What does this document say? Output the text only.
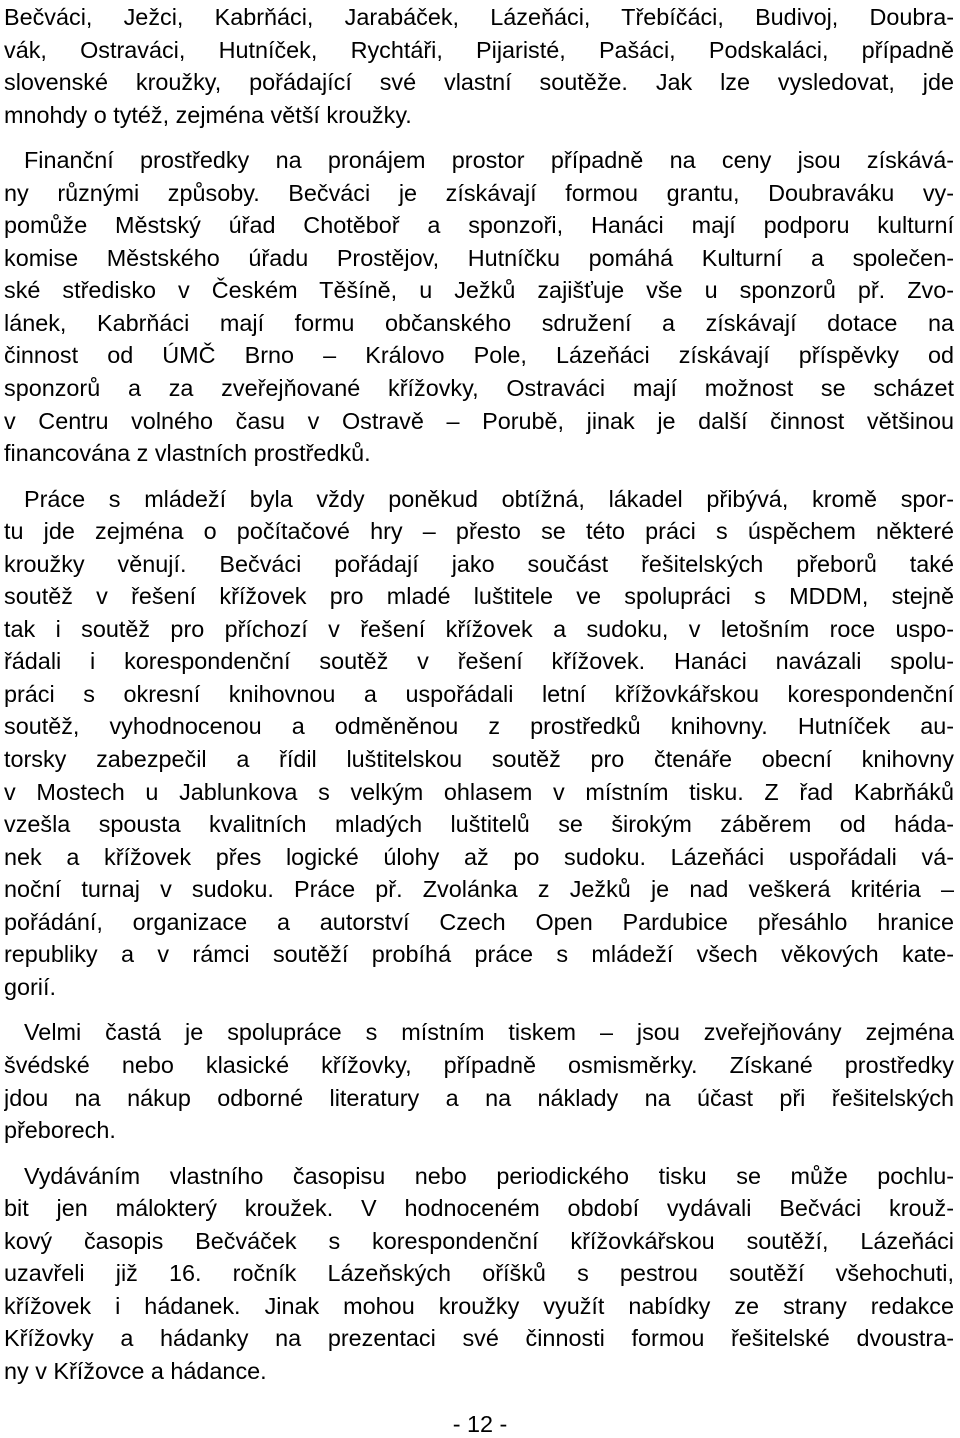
Bečváci, Ježci, Kabrňáci, Jarabáček, Lázeňáci, Třebíčáci, Budivoj, Doubra-
vák, Ostraváci, Hutníček, Rychtáři, Pijaristé, Pašáci, Podskaláci, případně
slovenské kroužky, pořádající své vlastní soutěže. Jak lze vysledovat, jde
mnohdy o tytéž, zejména větší kroužky.

Finanční prostředky na pronájem prostor případně na ceny jsou získává-
ny různými způsoby. Bečváci je získávají formou grantu, Doubraváku vy-
pomůže Městský úřad Chotěboř a sponzoři, Hanáci mají podporu kulturní
komise Městského úřadu Prostějov, Hutníčku pomáhá Kulturní a společen-
ské středisko v Českém Těšíně, u Ježků zajišťuje vše u sponzorů př. Zvo-
lánek, Kabrňáci mají formu občanského sdružení a získávají dotace na
činnost od ÚMČ Brno – Královo Pole, Lázeňáci získávají příspěvky od
sponzorů a za zveřejňované křížovky, Ostraváci mají možnost se scházet
v Centru volného času v Ostravě – Porubě, jinak je další činnost většinou
financována z vlastních prostředků.

Práce s mládeží byla vždy poněkud obtížná, lákadel přibývá, kromě spor-
tu jde zejména o počítačové hry – přesto se této práci s úspěchem některé
kroužky věnují. Bečváci pořádají jako součást řešitelských přeborů také
soutěž v řešení křížovek pro mladé luštitele ve spolupráci s MDDM, stejně
tak i soutěž pro příchozí v řešení křížovek a sudoku, v letošním roce uspo-
řádali i korespondenční soutěž v řešení křížovek. Hanáci navázali spolu-
práci s okresní knihovnou a uspořádali letní křížovkářskou korespondenční
soutěž, vyhodnocenou a odměněnou z prostředků knihovny. Hutníček au-
torsky zabezpečil a řídil luštitelskou soutěž pro čtenáře obecní knihovny
v Mostech u Jablunkova s velkým ohlasem v místním tisku. Z řad Kabrňáků
vzešla spousta kvalitních mladých luštitelů se širokým záběrem od háda-
nek a křížovek přes logické úlohy až po sudoku. Lázeňáci uspořádali vá-
noční turnaj v sudoku. Práce př. Zvolánka z Ježků je nad veškerá kritéria –
pořádání, organizace a autorství Czech Open Pardubice přesáhlo hranice
republiky a v rámci soutěží probíhá práce s mládeží všech věkových kate-
gorií.

Velmi častá je spolupráce s místním tiskem – jsou zveřejňovány zejména
švédské nebo klasické křížovky, případně osmisměrky. Získané prostředky
jdou na nákup odborné literatury a na náklady na účast při řešitelských
přeborech.

Vydáváním vlastního časopisu nebo periodického tisku se může pochlu-
bit jen málokterý kroužek. V hodnoceném období vydávali Bečváci krouž-
kový časopis Bečváček s korespondenční křížovkářskou soutěží, Lázeňáci
uzavřeli již 16. ročník Lázeňských oříšků s pestrou soutěží všehochuti,
křížovek i hádanek. Jinak mohou kroužky využít nabídky ze strany redakce
Křížovky a hádanky na prezentaci své činnosti formou řešitelské dvoustra-
ny v Křížovce a hádance.

- 12 -
